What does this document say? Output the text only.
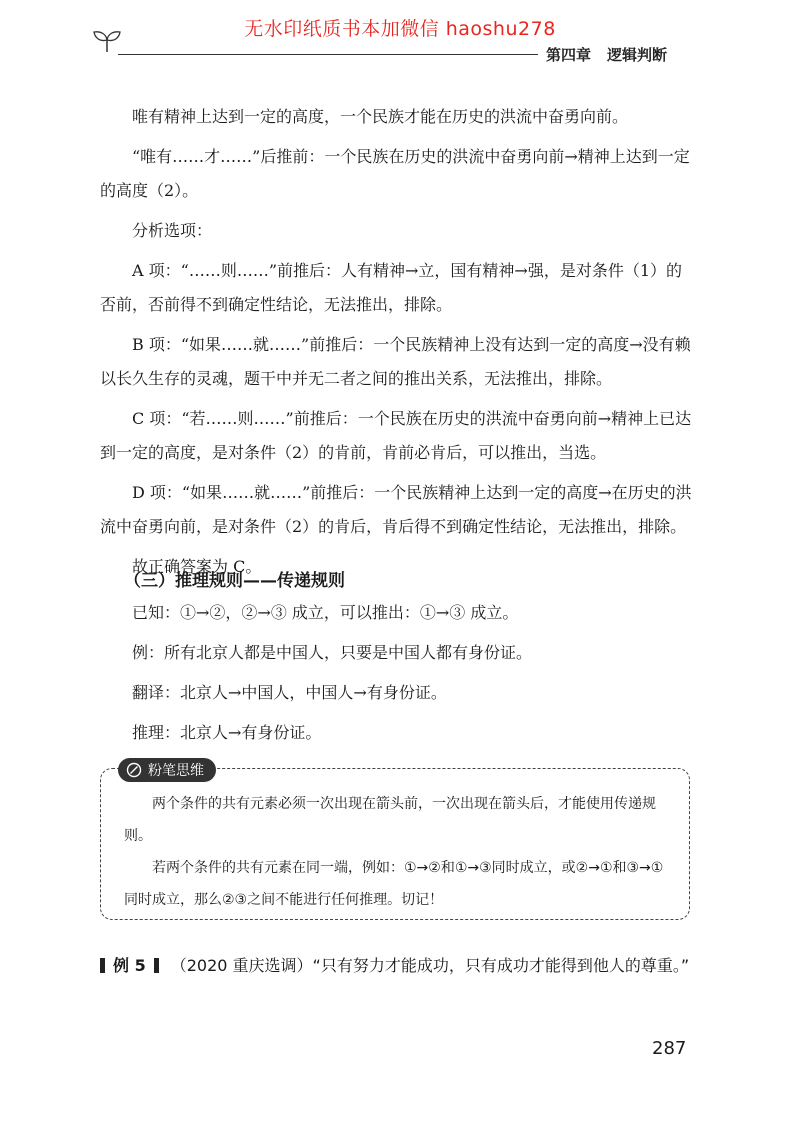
无水印纸质书本加微信 haoshu278
第四章 逻辑判断

唯有精神上达到一定的高度，一个民族才能在历史的洪流中奋勇向前。

“唯有……才……”后推前：一个民族在历史的洪流中奋勇向前→精神上达到一定的高度（2）。

分析选项：

A 项：“……则……”前推后：人有精神→立，国有精神→强，是对条件（1）的否前，否前得不到确定性结论，无法推出，排除。

B 项：“如果……就……”前推后：一个民族精神上没有达到一定的高度→没有赖以长久生存的灵魂，题干中并无二者之间的推出关系，无法推出，排除。

C 项：“若……则……”前推后：一个民族在历史的洪流中奋勇向前→精神上已达到一定的高度，是对条件（2）的肯前，肯前必肯后，可以推出，当选。

D 项：“如果……就……”前推后：一个民族精神上达到一定的高度→在历史的洪流中奋勇向前，是对条件（2）的肯后，肯后得不到确定性结论，无法推出，排除。

故正确答案为 C。

（三）推理规则——传递规则

已知：①→②，②→③ 成立，可以推出：①→③ 成立。

例：所有北京人都是中国人，只要是中国人都有身份证。

翻译：北京人→中国人，中国人→有身份证。

推理：北京人→有身份证。

粉笔思维

两个条件的共有元素必须一次出现在箭头前，一次出现在箭头后，才能使用传递规则。

若两个条件的共有元素在同一端，例如：①→②和①→③同时成立，或②→①和③→①同时成立，那么②③之间不能进行任何推理。切记！

例 5 （2020 重庆选调）“只有努力才能成功，只有成功才能得到他人的尊重。”
287
